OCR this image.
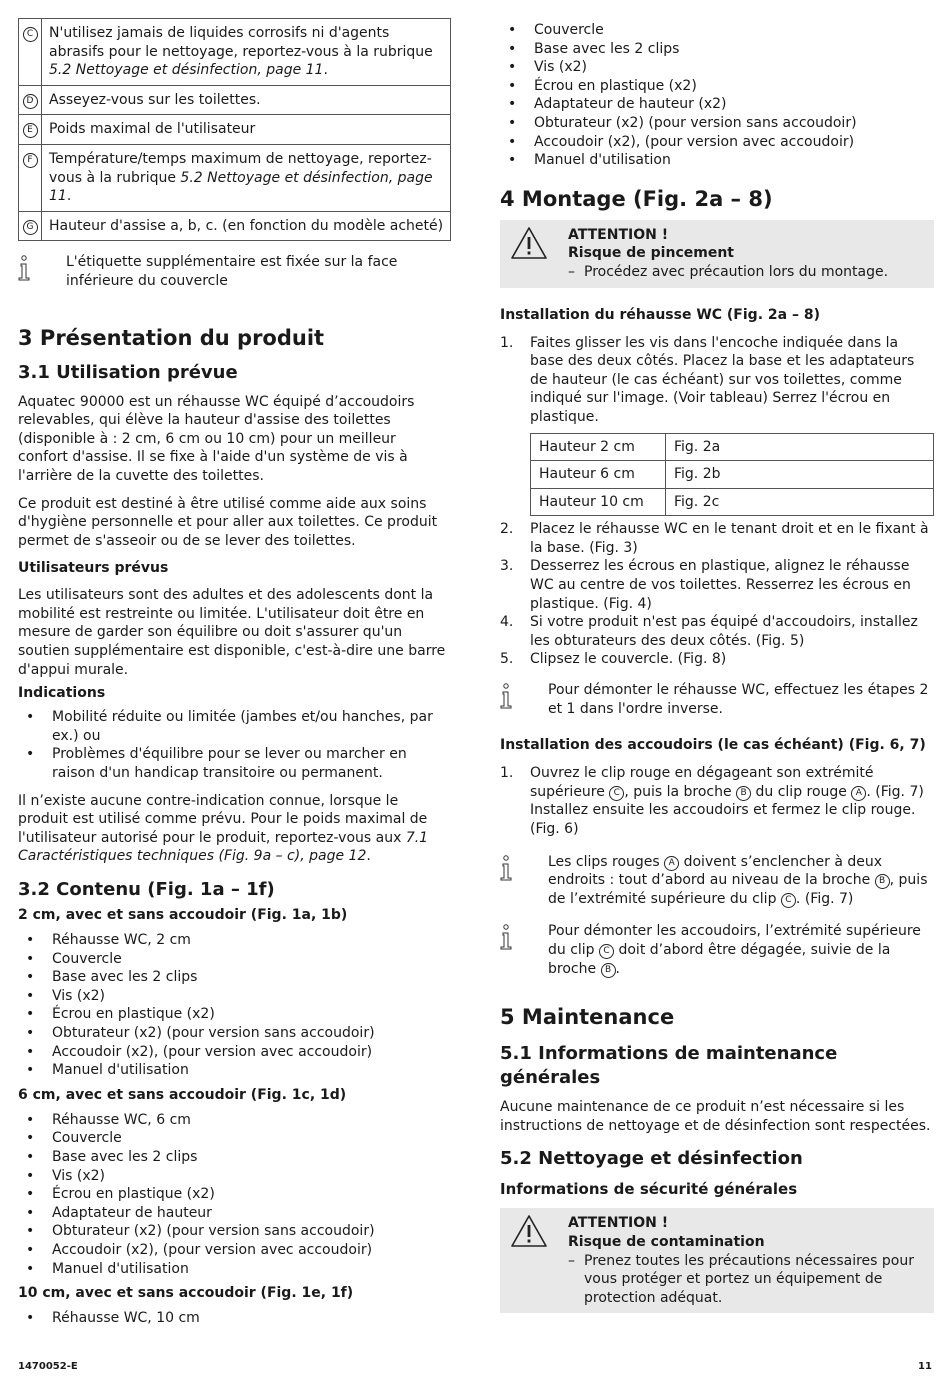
C	N'utilisez jamais de liquides corrosifs ni d'agents abrasifs pour le nettoyage, reportez-vous à la rubrique 5.2 Nettoyage et désinfection, page 11.
D	Asseyez-vous sur les toilettes.
E	Poids maximal de l'utilisateur
F	Température/temps maximum de nettoyage, reportez-vous à la rubrique 5.2 Nettoyage et désinfection, page 11.
G	Hauteur d'assise a, b, c. (en fonction du modèle acheté)
L'étiquette supplémentaire est fixée sur la face inférieure du couvercle
3 Présentation du produit
3.1 Utilisation prévue

Aquatec 90000 est un réhausse WC équipé d’accoudoirs relevables, qui élève la hauteur d'assise des toilettes (disponible à : 2 cm, 6 cm ou 10 cm) pour un meilleur confort d'assise. Il se fixe à l'aide d'un système de vis à l'arrière de la cuvette des toilettes.

Ce produit est destiné à être utilisé comme aide aux soins d'hygiène personnelle et pour aller aux toilettes. Ce produit permet de s'asseoir ou de se lever des toilettes.

Utilisateurs prévus

Les utilisateurs sont des adultes et des adolescents dont la mobilité est restreinte ou limitée. L'utilisateur doit être en mesure de garder son équilibre ou doit s'assurer qu'un soutien supplémentaire est disponible, c'est-à-dire une barre d'appui murale.

Indications
• Mobilité réduite ou limitée (jambes et/ou hanches, par ex.) ou
• Problèmes d'équilibre pour se lever ou marcher en raison d'un handicap transitoire ou permanent.

Il n’existe aucune contre-indication connue, lorsque le produit est utilisé comme prévu. Pour le poids maximal de l'utilisateur autorisé pour le produit, reportez-vous aux 7.1 Caractéristiques techniques (Fig. 9a – c), page 12.

3.2 Contenu (Fig. 1a – 1f)
2 cm, avec et sans accoudoir (Fig. 1a, 1b)
• Réhausse WC, 2 cm
• Couvercle
• Base avec les 2 clips
• Vis (x2)
• Écrou en plastique (x2)
• Obturateur (x2) (pour version sans accoudoir)
• Accoudoir (x2), (pour version avec accoudoir)
• Manuel d'utilisation
6 cm, avec et sans accoudoir (Fig. 1c, 1d)
• Réhausse WC, 6 cm
• Couvercle
• Base avec les 2 clips
• Vis (x2)
• Écrou en plastique (x2)
• Adaptateur de hauteur
• Obturateur (x2) (pour version sans accoudoir)
• Accoudoir (x2), (pour version avec accoudoir)
• Manuel d'utilisation
10 cm, avec et sans accoudoir (Fig. 1e, 1f)
• Réhausse WC, 10 cm
• Couvercle
• Base avec les 2 clips
• Vis (x2)
• Écrou en plastique (x2)
• Adaptateur de hauteur (x2)
• Obturateur (x2) (pour version sans accoudoir)
• Accoudoir (x2), (pour version avec accoudoir)
• Manuel d'utilisation
4 Montage (Fig. 2a – 8)
ATTENTION !
Risque de pincement
– Procédez avec précaution lors du montage.
Installation du réhausse WC (Fig. 2a – 8)
1. Faites glisser les vis dans l'encoche indiquée dans la base des deux côtés. Placez la base et les adaptateurs de hauteur (le cas échéant) sur vos toilettes, comme indiqué sur l'image. (Voir tableau) Serrez l'écrou en plastique.
Hauteur 2 cm	Fig. 2a
Hauteur 6 cm	Fig. 2b
Hauteur 10 cm	Fig. 2c
2. Placez le réhausse WC en le tenant droit et en le fixant à la base. (Fig. 3)
3. Desserrez les écrous en plastique, alignez le réhausse WC au centre de vos toilettes. Resserrez les écrous en plastique. (Fig. 4)
4. Si votre produit n'est pas équipé d'accoudoirs, installez les obturateurs des deux côtés. (Fig. 5)
5. Clipsez le couvercle. (Fig. 8)
Pour démonter le réhausse WC, effectuez les étapes 2 et 1 dans l'ordre inverse.
Installation des accoudoirs (le cas échéant) (Fig. 6, 7)
1. Ouvrez le clip rouge en dégageant son extrémité supérieure C , puis la broche B du clip rouge A . (Fig. 7) Installez ensuite les accoudoirs et fermez le clip rouge. (Fig. 6)
Les clips rouges A doivent s’enclencher à deux endroits : tout d’abord au niveau de la broche B , puis de l’extrémité supérieure du clip C . (Fig. 7)
Pour démonter les accoudoirs, l’extrémité supérieure du clip C doit d’abord être dégagée, suivie de la broche B .
5 Maintenance
5.1 Informations de maintenance générales

Aucune maintenance de ce produit n’est nécessaire si les instructions de nettoyage et de désinfection sont respectées.

5.2 Nettoyage et désinfection
Informations de sécurité générales
ATTENTION !
Risque de contamination
– Prenez toutes les précautions nécessaires pour vous protéger et portez un équipement de protection adéquat.
1470052-E	11
